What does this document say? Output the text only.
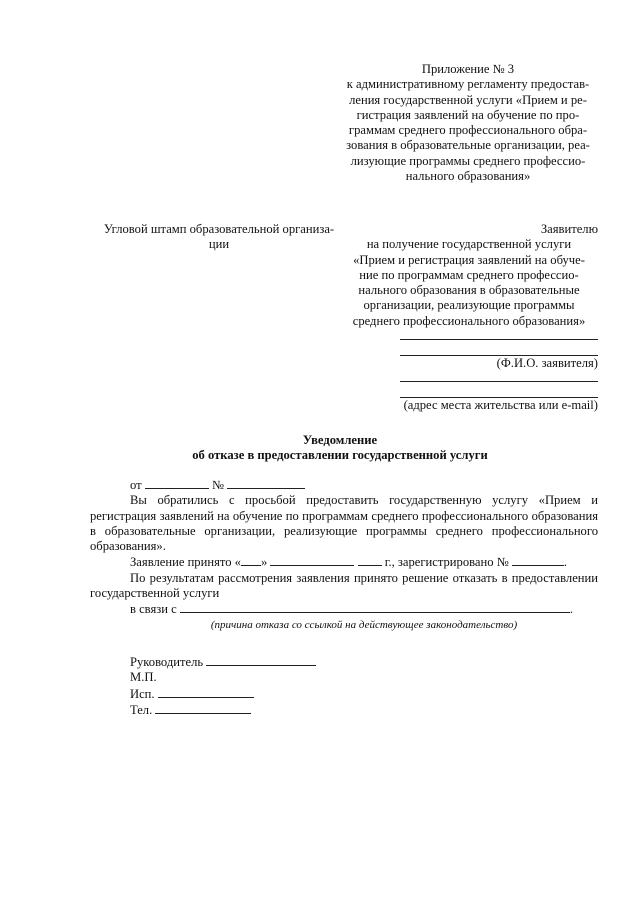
Приложение № 3
к административному регламенту предостав-
ления государственной услуги «Прием и ре-
гистрация заявлений на обучение по про-
граммам среднего профессионального обра-
зования в образовательные организации, реа-
лизующие программы среднего профессио-
нального образования»
Угловой штамп образовательной организа-
ции
Заявителю
на получение государственной услуги
«Прием и регистрация заявлений на обуче-
ние по программам среднего профессио-
нального образования в образовательные
организации, реализующие программы
среднего профессионального образования»
(Ф.И.О. заявителя)
(адрес места жительства или e-mail)
Уведомление
об отказе в предоставлении государственной услуги
от	№
Вы обратились с просьбой предоставить государственную услугу «Прием и регистрация заявлений на обучение по программам среднего профессионального образования в образовательные организации, реализующие программы среднего профессионального образования».
Заявление принято « »	г., зарегистрировано №	.
По результатам рассмотрения заявления принято решение отказать в предоставлении государственной услуги
в связи с	.
(причина отказа со ссылкой на действующее законодательство)
Руководитель
М.П.
Исп.
Тел.
